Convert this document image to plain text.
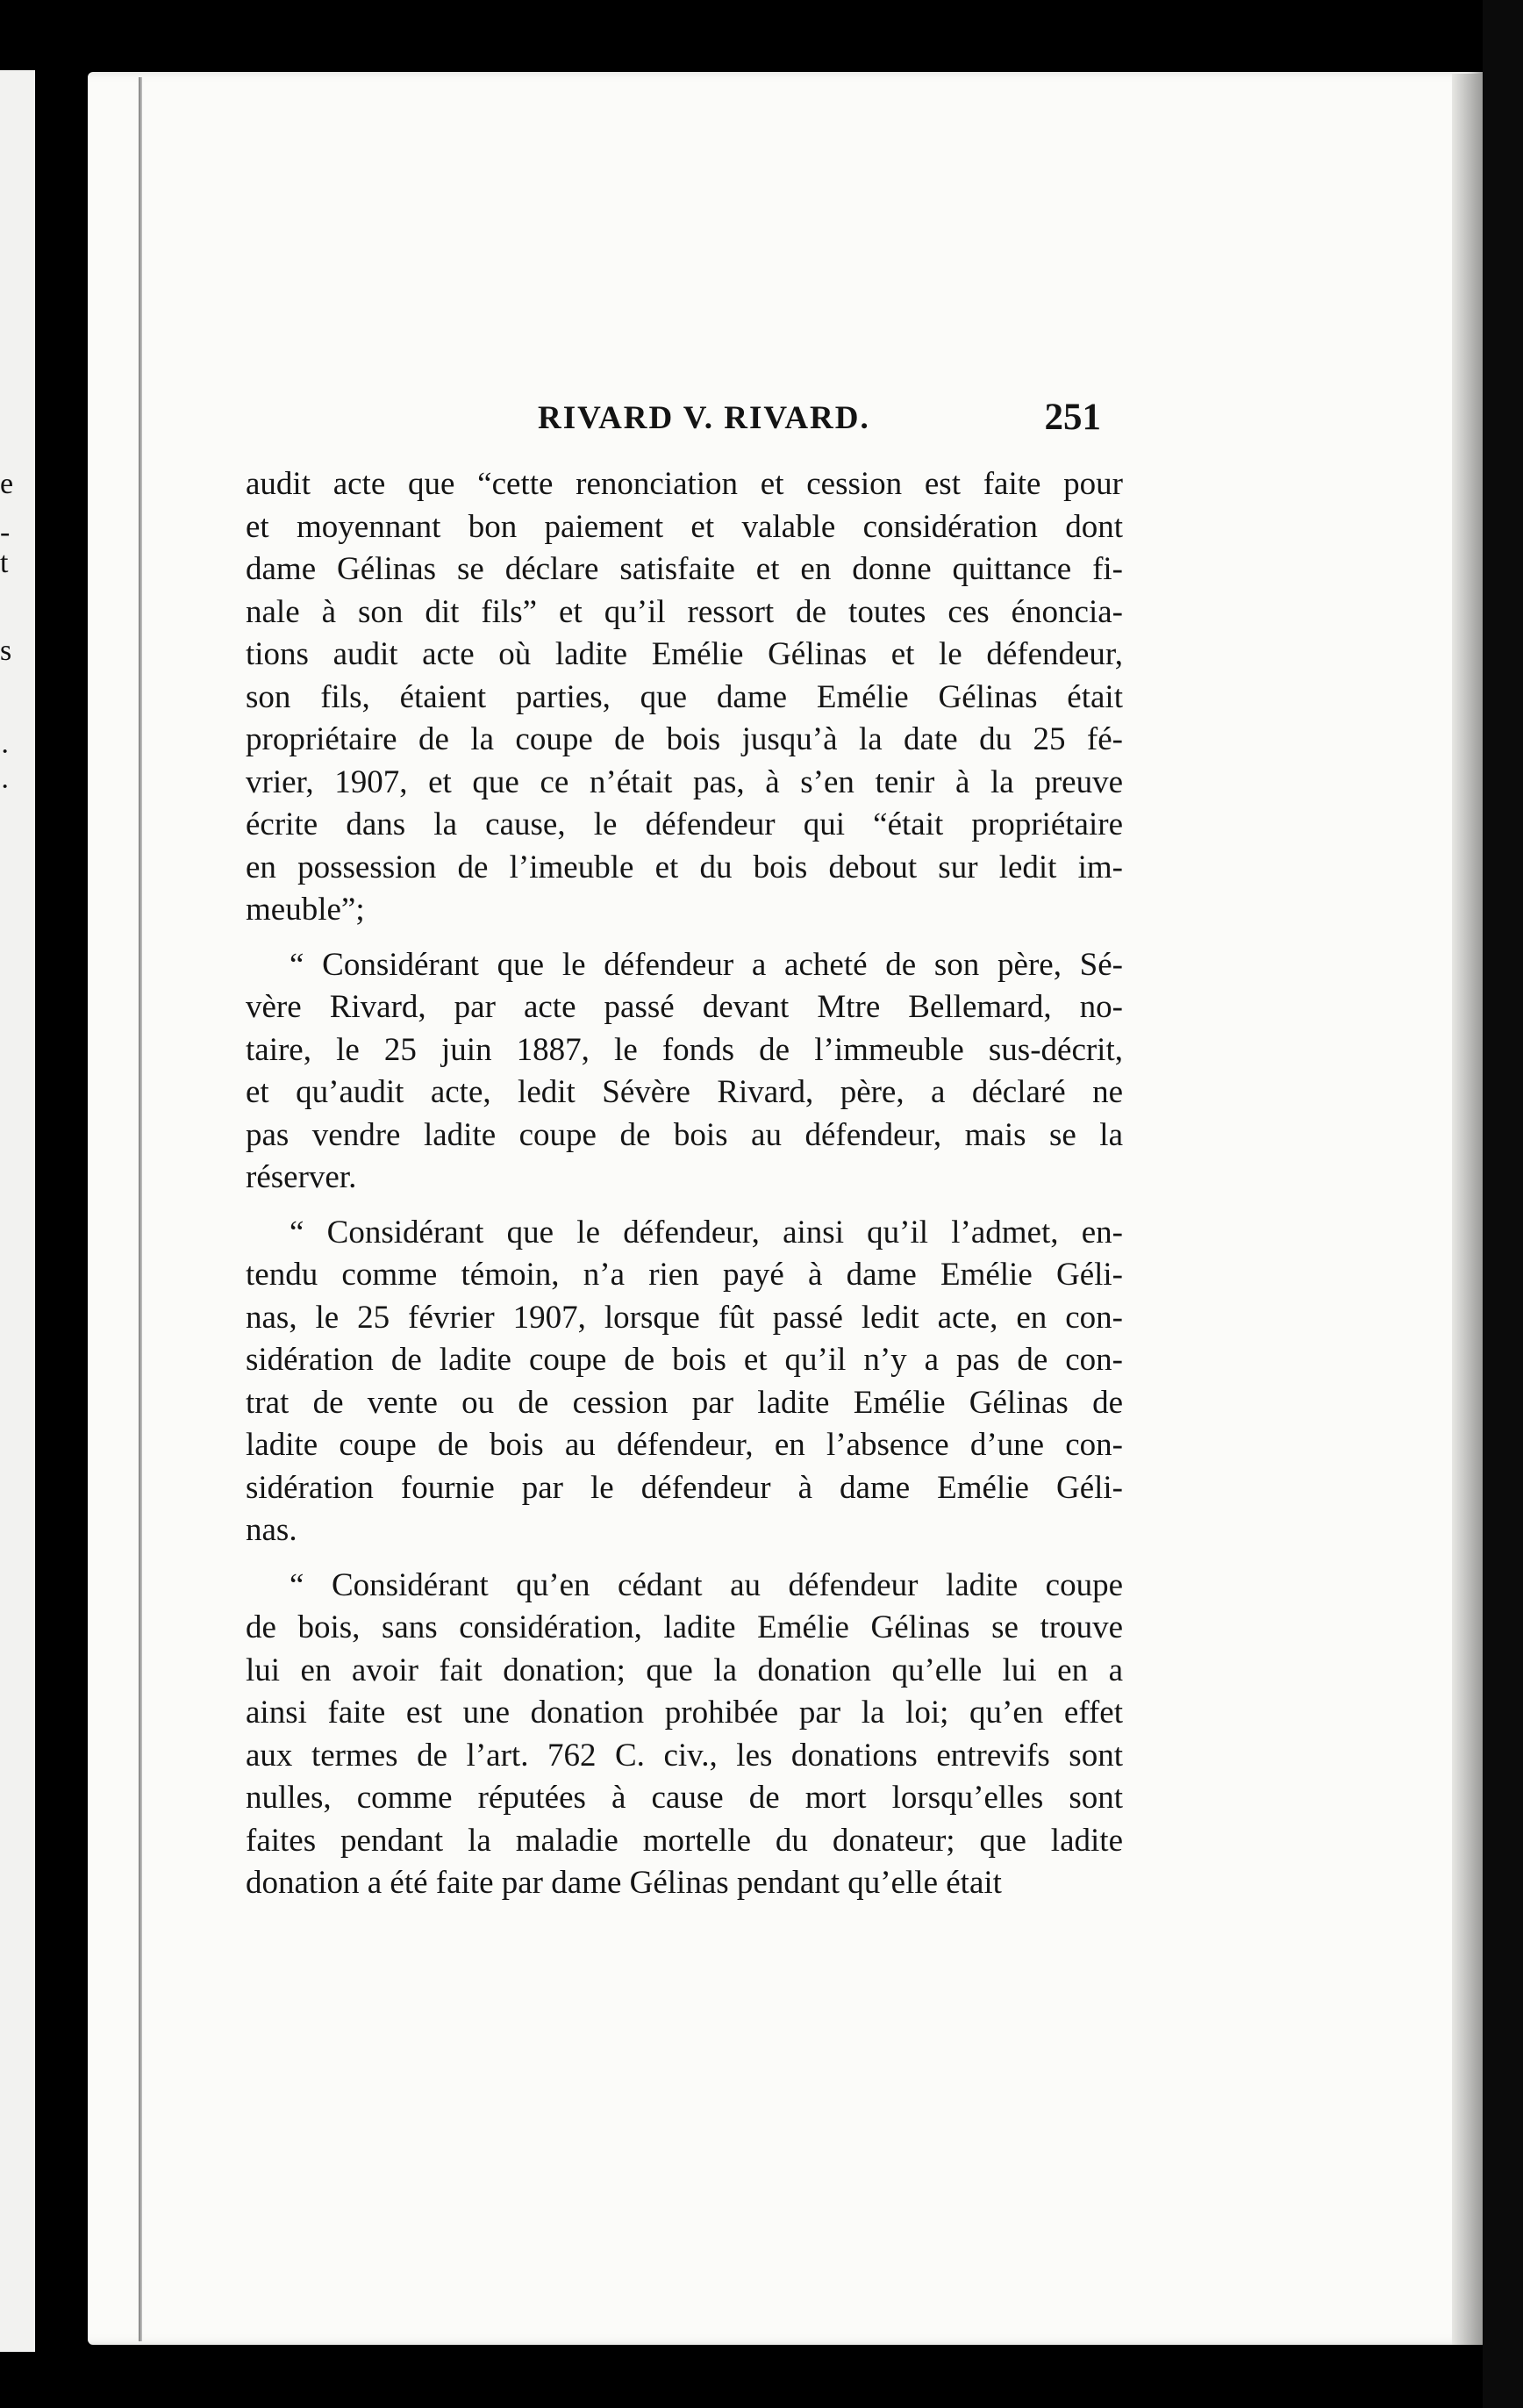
e
-
t
s
·
·
RIVARD V. RIVARD.	251

audit acte que “cette renonciation et cession est faite pour
et moyennant bon paiement et valable considération dont
dame Gélinas se déclare satisfaite et en donne quittance fi-
nale à son dit fils” et qu’il ressort de toutes ces énoncia-
tions audit acte où ladite Emélie Gélinas et le défendeur,
son fils, étaient parties, que dame Emélie Gélinas était
propriétaire de la coupe de bois jusqu’à la date du 25 fé-
vrier, 1907, et que ce n’était pas, à s’en tenir à la preuve
écrite dans la cause, le défendeur qui “était propriétaire
en possession de l’imeuble et du bois debout sur ledit im-
meuble”;

“ Considérant que le défendeur a acheté de son père, Sé-
vère Rivard, par acte passé devant Mtre Bellemard, no-
taire, le 25 juin 1887, le fonds de l’immeuble sus-décrit,
et qu’audit acte, ledit Sévère Rivard, père, a déclaré ne
pas vendre ladite coupe de bois au défendeur, mais se la
réserver.

“ Considérant que le défendeur, ainsi qu’il l’admet, en-
tendu comme témoin, n’a rien payé à dame Emélie Géli-
nas, le 25 février 1907, lorsque fût passé ledit acte, en con-
sidération de ladite coupe de bois et qu’il n’y a pas de con-
trat de vente ou de cession par ladite Emélie Gélinas de
ladite coupe de bois au défendeur, en l’absence d’une con-
sidération fournie par le défendeur à dame Emélie Géli-
nas.

“ Considérant qu’en cédant au défendeur ladite coupe
de bois, sans considération, ladite Emélie Gélinas se trouve
lui en avoir fait donation; que la donation qu’elle lui en a
ainsi faite est une donation prohibée par la loi; qu’en effet
aux termes de l’art. 762 C. civ., les donations entrevifs sont
nulles, comme réputées à cause de mort lorsqu’elles sont
faites pendant la maladie mortelle du donateur; que ladite
donation a été faite par dame Gélinas pendant qu’elle était
